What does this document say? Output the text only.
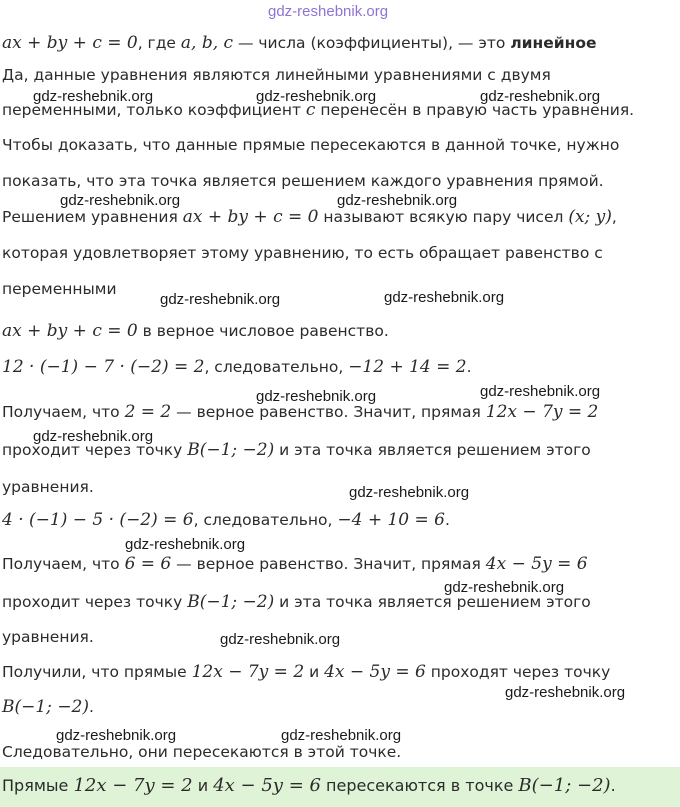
gdz-reshebnik.org
gdz-reshebnik.org	gdz-reshebnik.org	gdz-reshebnik.org
gdz-reshebnik.org	gdz-reshebnik.org
gdz-reshebnik.org	gdz-reshebnik.org
gdz-reshebnik.org	gdz-reshebnik.org
gdz-reshebnik.org
gdz-reshebnik.org
gdz-reshebnik.org
gdz-reshebnik.org
gdz-reshebnik.org
gdz-reshebnik.org
gdz-reshebnik.org	gdz-reshebnik.org
ax + by + c = 0, где a, b, c — числа (коэффициенты), — это линейное
Да, данные уравнения являются линейными уравнениями с двумя
переменными, только коэффициент c перенесён в правую часть уравнения.
Чтобы доказать, что данные прямые пересекаются в данной точке, нужно
показать, что эта точка является решением каждого уравнения прямой.
Решением уравнения ax + by + c = 0 называют всякую пару чисел (x; y),
которая удовлетворяет этому уравнению, то есть обращает равенство с
переменными
ax + by + c = 0 в верное числовое равенство.
12 · (−1) − 7 · (−2) = 2, следовательно, −12 + 14 = 2.
Получаем, что 2 = 2 — верное равенство. Значит, прямая 12x − 7y = 2
проходит через точку B(−1; −2) и эта точка является решением этого
уравнения.
4 · (−1) − 5 · (−2) = 6, следовательно, −4 + 10 = 6.
Получаем, что 6 = 6 — верное равенство. Значит, прямая 4x − 5y = 6
проходит через точку B(−1; −2) и эта точка является решением этого
уравнения.
Получили, что прямые 12x − 7y = 2 и 4x − 5y = 6 проходят через точку
B(−1; −2).
Следовательно, они пересекаются в этой точке.
Прямые 12x − 7y = 2 и 4x − 5y = 6 пересекаются в точке B(−1; −2).
